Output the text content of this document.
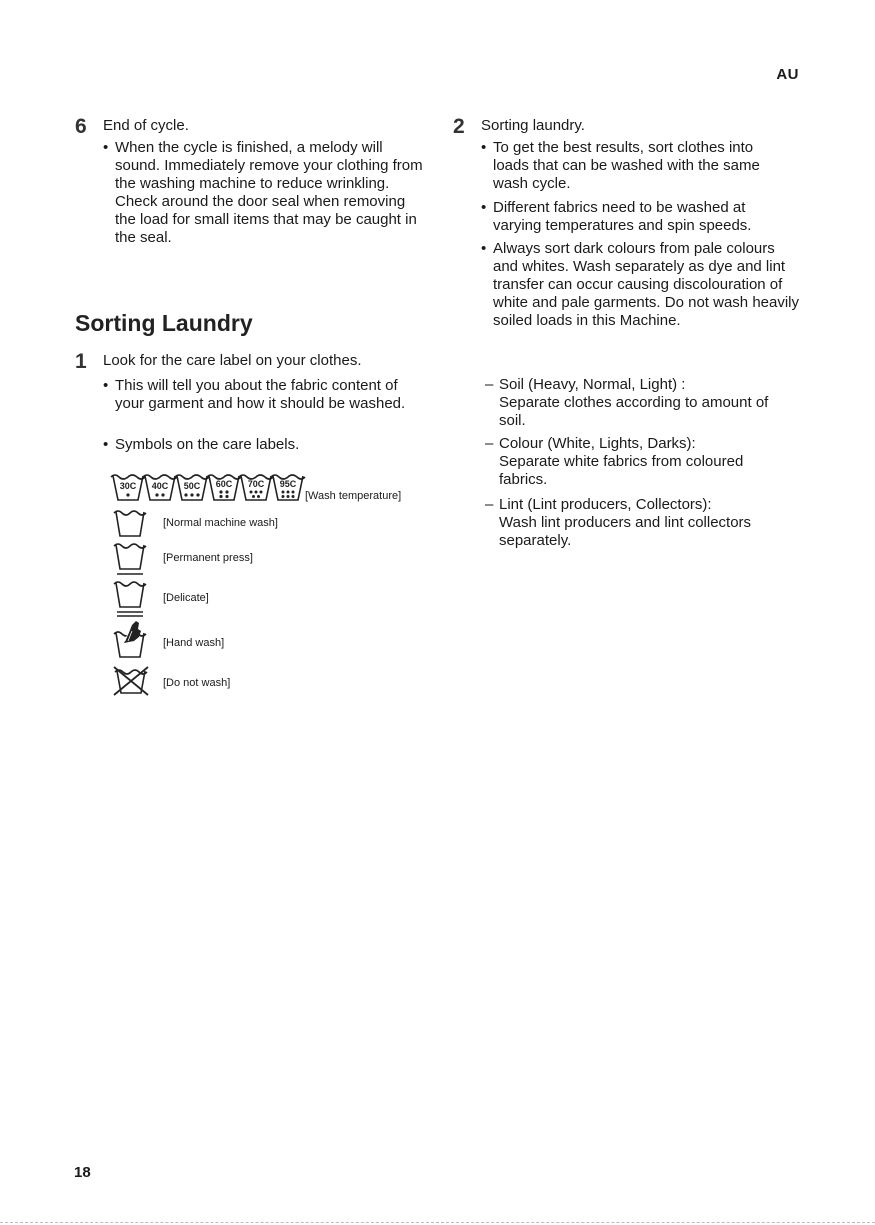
AU
6 End of cycle.
• When the cycle is finished, a melody will sound. Immediately remove your clothing from the washing machine to reduce wrinkling. Check around the door seal when removing the load for small items that may be caught in the seal.
Sorting Laundry
1 Look for the care label on your clothes.
• This will tell you about the fabric content of your garment and how it should be washed.
• Symbols on the care labels.
30C 40C 50C 60C 70C 95C
[Wash temperature]
[Normal machine wash]
[Permanent press]
[Delicate]
[Hand wash]
[Do not wash]
2 Sorting laundry.
• To get the best results, sort clothes into loads that can be washed with the same wash cycle.
• Different fabrics need to be washed at varying temperatures and spin speeds.
• Always sort dark colours from pale colours and whites. Wash separately as dye and lint transfer can occur causing discolouration of white and pale garments. Do not wash heavily soiled loads in this Machine.
– Soil (Heavy, Normal, Light) :
Separate clothes according to amount of soil.
– Colour (White, Lights, Darks):
Separate white fabrics from coloured fabrics.
– Lint (Lint producers, Collectors):
Wash lint producers and lint collectors separately.
18
